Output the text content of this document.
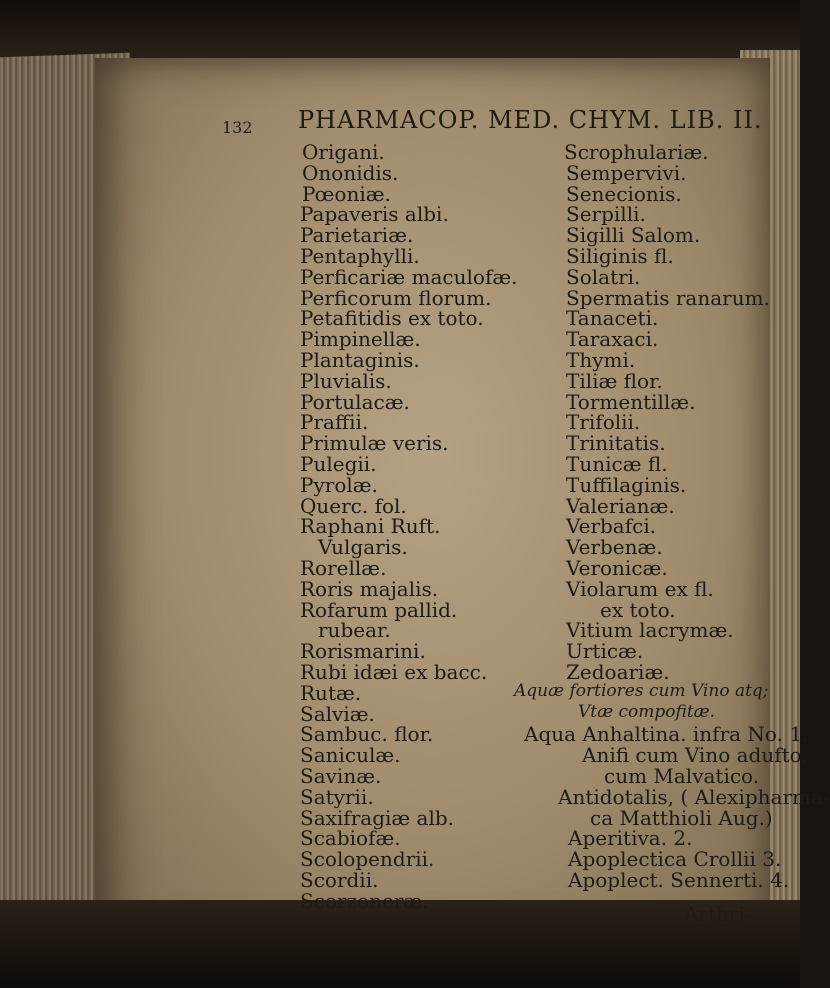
132 PHARMACOP. MED. CHYM. LIB. II.
Origani.
Ononidis.
Pœoniæ.
Papaveris albi.
Parietariæ.
Pentaphylli.
Perficariæ maculofæ.
Perficorum florum.
Petafitidis ex toto.
Pimpinellæ.
Plantaginis.
Pluvialis.
Portulacæ.
Praffii.
Primulæ veris.
Pulegii.
Pyrolæ.
Querc. fol.
Raphani Ruft.
Vulgaris.
Rorellæ.
Roris majalis.
Rofarum pallid.
rubear.
Rorismarini.
Rubi idæi ex bacc.
Rutæ.
Salviæ.
Sambuc. flor.
Saniculæ.
Savinæ.
Satyrii.
Saxifragiæ alb.
Scabiofæ.
Scolopendrii.
Scordii.
Scorzoneræ.
Scrophulariæ.
Sempervivi.
Senecionis.
Serpilli.
Sigilli Salom.
Siliginis fl.
Solatri.
Spermatis ranarum.
Tanaceti.
Taraxaci.
Thymi.
Tiliæ flor.
Tormentillæ.
Trifolii.
Trinitatis.
Tunicæ fl.
Tuffilaginis.
Valerianæ.
Verbafci.
Verbenæ.
Veronicæ.
Violarum ex fl.
ex toto.
Vitium lacrymæ.
Urticæ.
Zedoariæ.
Aquæ fortiores cum Vino atq;
Vtæ compofitæ.
Aqua Anhaltina. infra No. 1.
Anifi cum Vino adufto.
cum Malvatico.
Antidotalis, ( Alexipharma-
ca Matthioli Aug.)
Aperitiva. 2.
Apoplectica Crollii 3.
Apoplect. Sennerti. 4.
Arthri-
